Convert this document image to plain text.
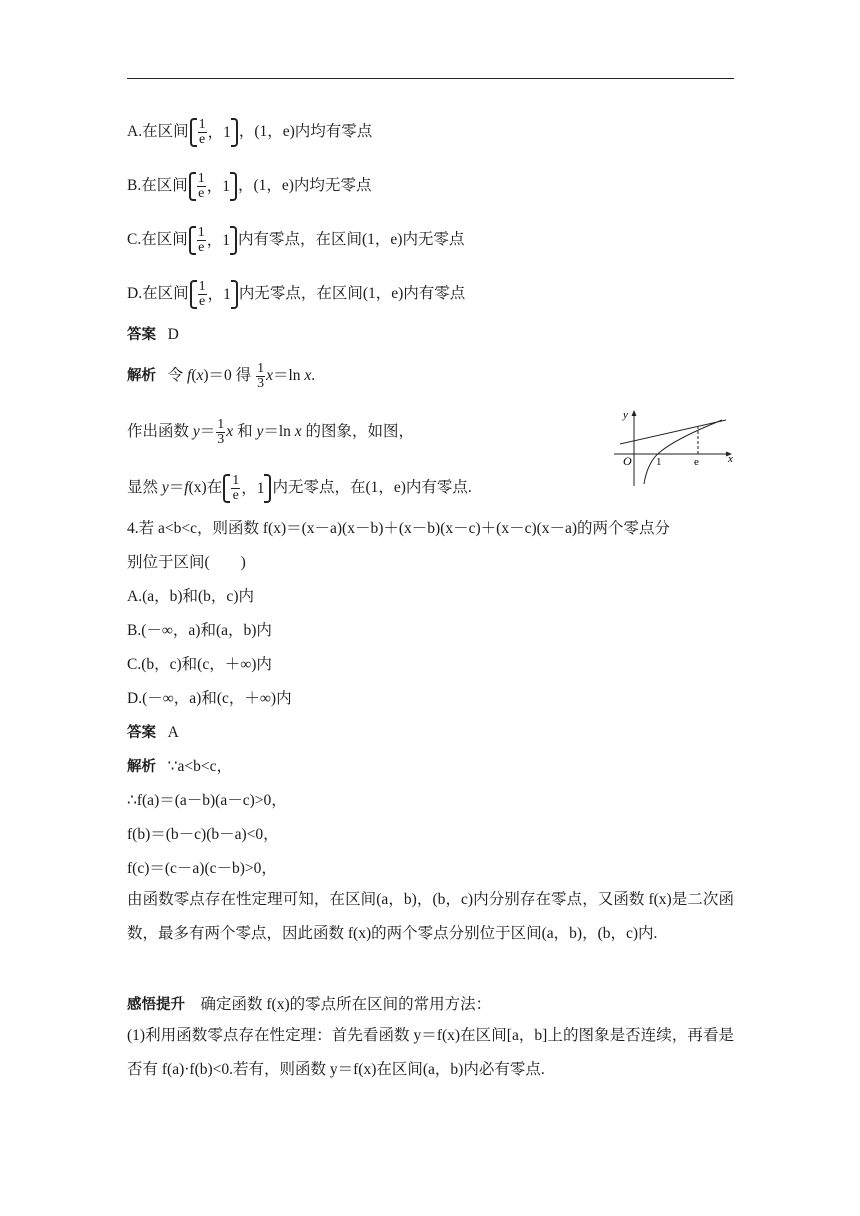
A.在区间 $\frac{1}{e}$ ，1 ，(1，e)内均有零点
B.在区间 $\frac{1}{e}$ ，1 ，(1，e)内均无零点
C.在区间 $\frac{1}{e}$ ，1 内有零点，在区间(1，e)内无零点
D.在区间 $\frac{1}{e}$ ，1 内无零点，在区间(1，e)内有零点
答案 D
解析 令 f(x)＝0 得 $\frac{1}{3} x=\ln$ x.
作出函数 $y= \frac{1}{3}$ x 和 y＝ln x 的图象，如图，
显然 y＝f(x)在 $\frac{1}{e}$ ，1 内无零点，在(1，e)内有零点.
y
x
O 1	e
4.若 a<b<c，则函数 f(x)＝(x－a)(x－b)＋(x－b)(x－c)＋(x－c)(x－a)的两个零点分
别位于区间(　　)
A.(a，b)和(b，c)内
B.(－∞，a)和(a，b)内
C.(b，c)和(c，＋∞)内
D.(－∞，a)和(c，＋∞)内
答案 A
解析 ∵a<b<c，
∴f(a)＝(a－b)(a－c)>0，
f(b)＝(b－c)(b－a)<0，
f(c)＝(c－a)(c－b)>0，
由函数零点存在性定理可知，在区间(a，b)，(b，c)内分别存在零点，又函数 f(x)是二次函数，最多有两个零点，因此函数 f(x)的两个零点分别位于区间(a，b)，(b，c)内.
感悟提升　确定函数 f(x)的零点所在区间的常用方法：
(1)利用函数零点存在性定理：首先看函数 y＝f(x)在区间[a，b]上的图象是否连续，再看是否有 f(a)·f(b)<0.若有，则函数 y＝f(x)在区间(a，b)内必有零点.
